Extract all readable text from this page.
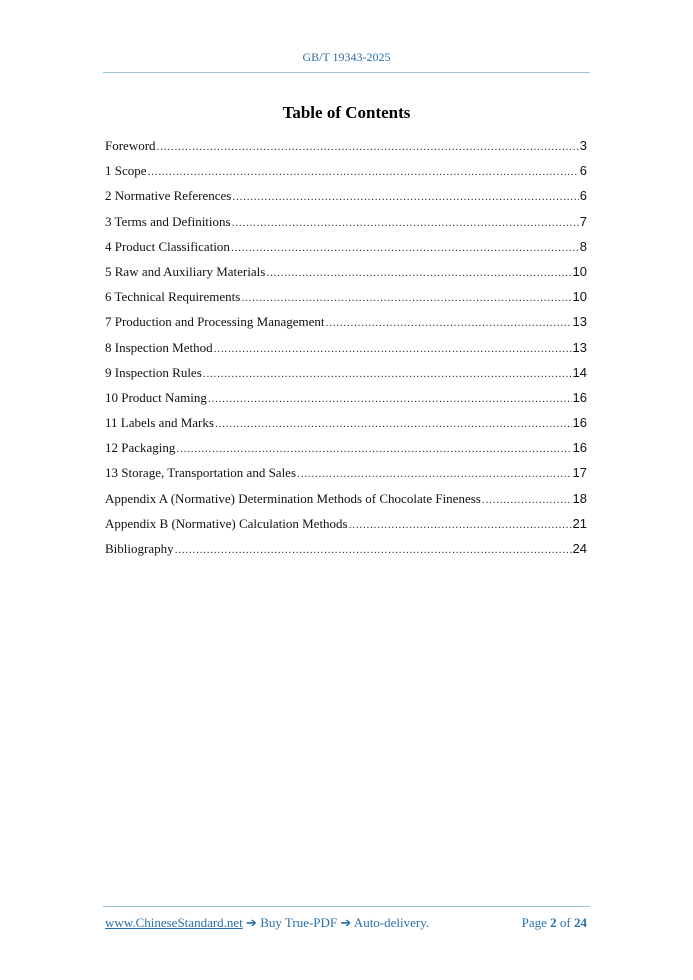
GB/T 19343-2025
Table of Contents
Foreword .....	3
1 Scope .....	6
2 Normative References .....	6
3 Terms and Definitions .....	7
4 Product Classification .....	8
5 Raw and Auxiliary Materials .....	10
6 Technical Requirements .....	10
7 Production and Processing Management .....	13
8 Inspection Method .....	13
9 Inspection Rules .....	14
10 Product Naming .....	16
11 Labels and Marks .....	16
12 Packaging .....	16
13 Storage, Transportation and Sales .....	17
Appendix A (Normative) Determination Methods of Chocolate Fineness .....	18
Appendix B (Normative) Calculation Methods .....	21
Bibliography .....	24
www.ChineseStandard.net ➔ Buy True-PDF ➔ Auto-delivery.	Page 2 of 24
